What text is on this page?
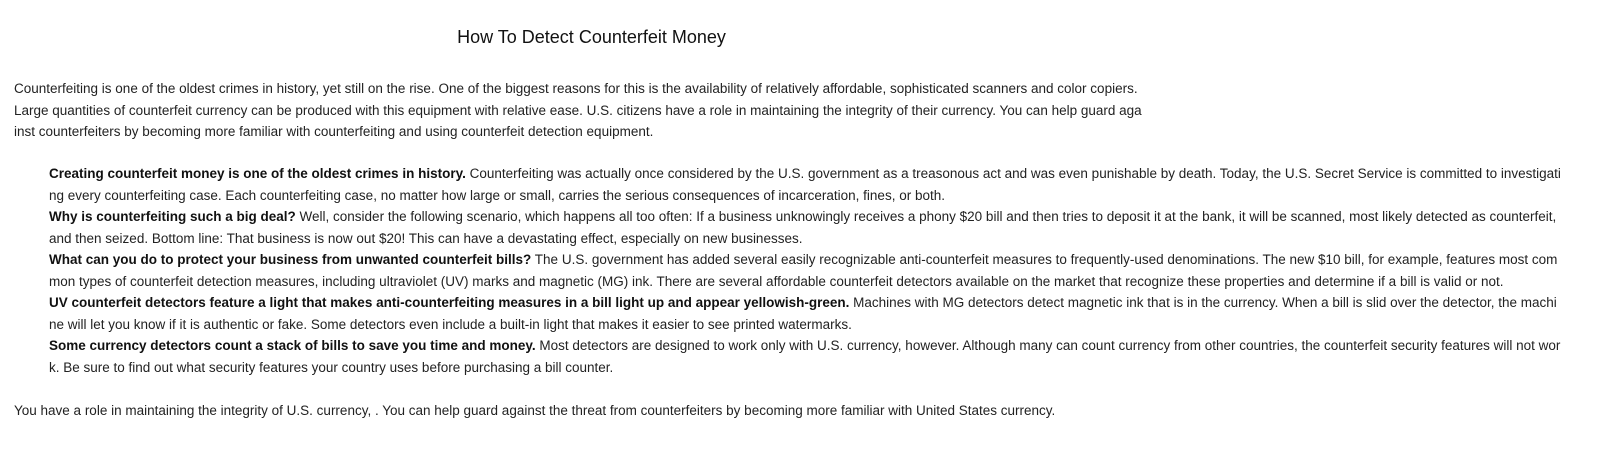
How To Detect Counterfeit Money

Counterfeiting is one of the oldest crimes in history, yet still on the rise. One of the biggest reasons for this is the availability of relatively affordable, sophisticated scanners and color copiers. Large quantities of counterfeit currency can be produced with this equipment with relative ease. U.S. citizens have a role in maintaining the integrity of their currency. You can help guard against counterfeiters by becoming more familiar with counterfeiting and using counterfeit detection equipment.

Creating counterfeit money is one of the oldest crimes in history. Counterfeiting was actually once considered by the U.S. government as a treasonous act and was even punishable by death. Today, the U.S. Secret Service is committed to investigating every counterfeiting case. Each counterfeiting case, no matter how large or small, carries the serious consequences of incarceration, fines, or both.
Why is counterfeiting such a big deal? Well, consider the following scenario, which happens all too often: If a business unknowingly receives a phony $20 bill and then tries to deposit it at the bank, it will be scanned, most likely detected as counterfeit, and then seized. Bottom line: That business is now out $20! This can have a devastating effect, especially on new businesses.
What can you do to protect your business from unwanted counterfeit bills? The U.S. government has added several easily recognizable anti-counterfeit measures to frequently-used denominations. The new $10 bill, for example, features most common types of counterfeit detection measures, including ultraviolet (UV) marks and magnetic (MG) ink. There are several affordable counterfeit detectors available on the market that recognize these properties and determine if a bill is valid or not.
UV counterfeit detectors feature a light that makes anti-counterfeiting measures in a bill light up and appear yellowish-green. Machines with MG detectors detect magnetic ink that is in the currency. When a bill is slid over the detector, the machine will let you know if it is authentic or fake. Some detectors even include a built-in light that makes it easier to see printed watermarks.
Some currency detectors count a stack of bills to save you time and money. Most detectors are designed to work only with U.S. currency, however. Although many can count currency from other countries, the counterfeit security features will not work. Be sure to find out what security features your country uses before purchasing a bill counter.

You have a role in maintaining the integrity of U.S. currency, . You can help guard against the threat from counterfeiters by becoming more familiar with United States currency.
